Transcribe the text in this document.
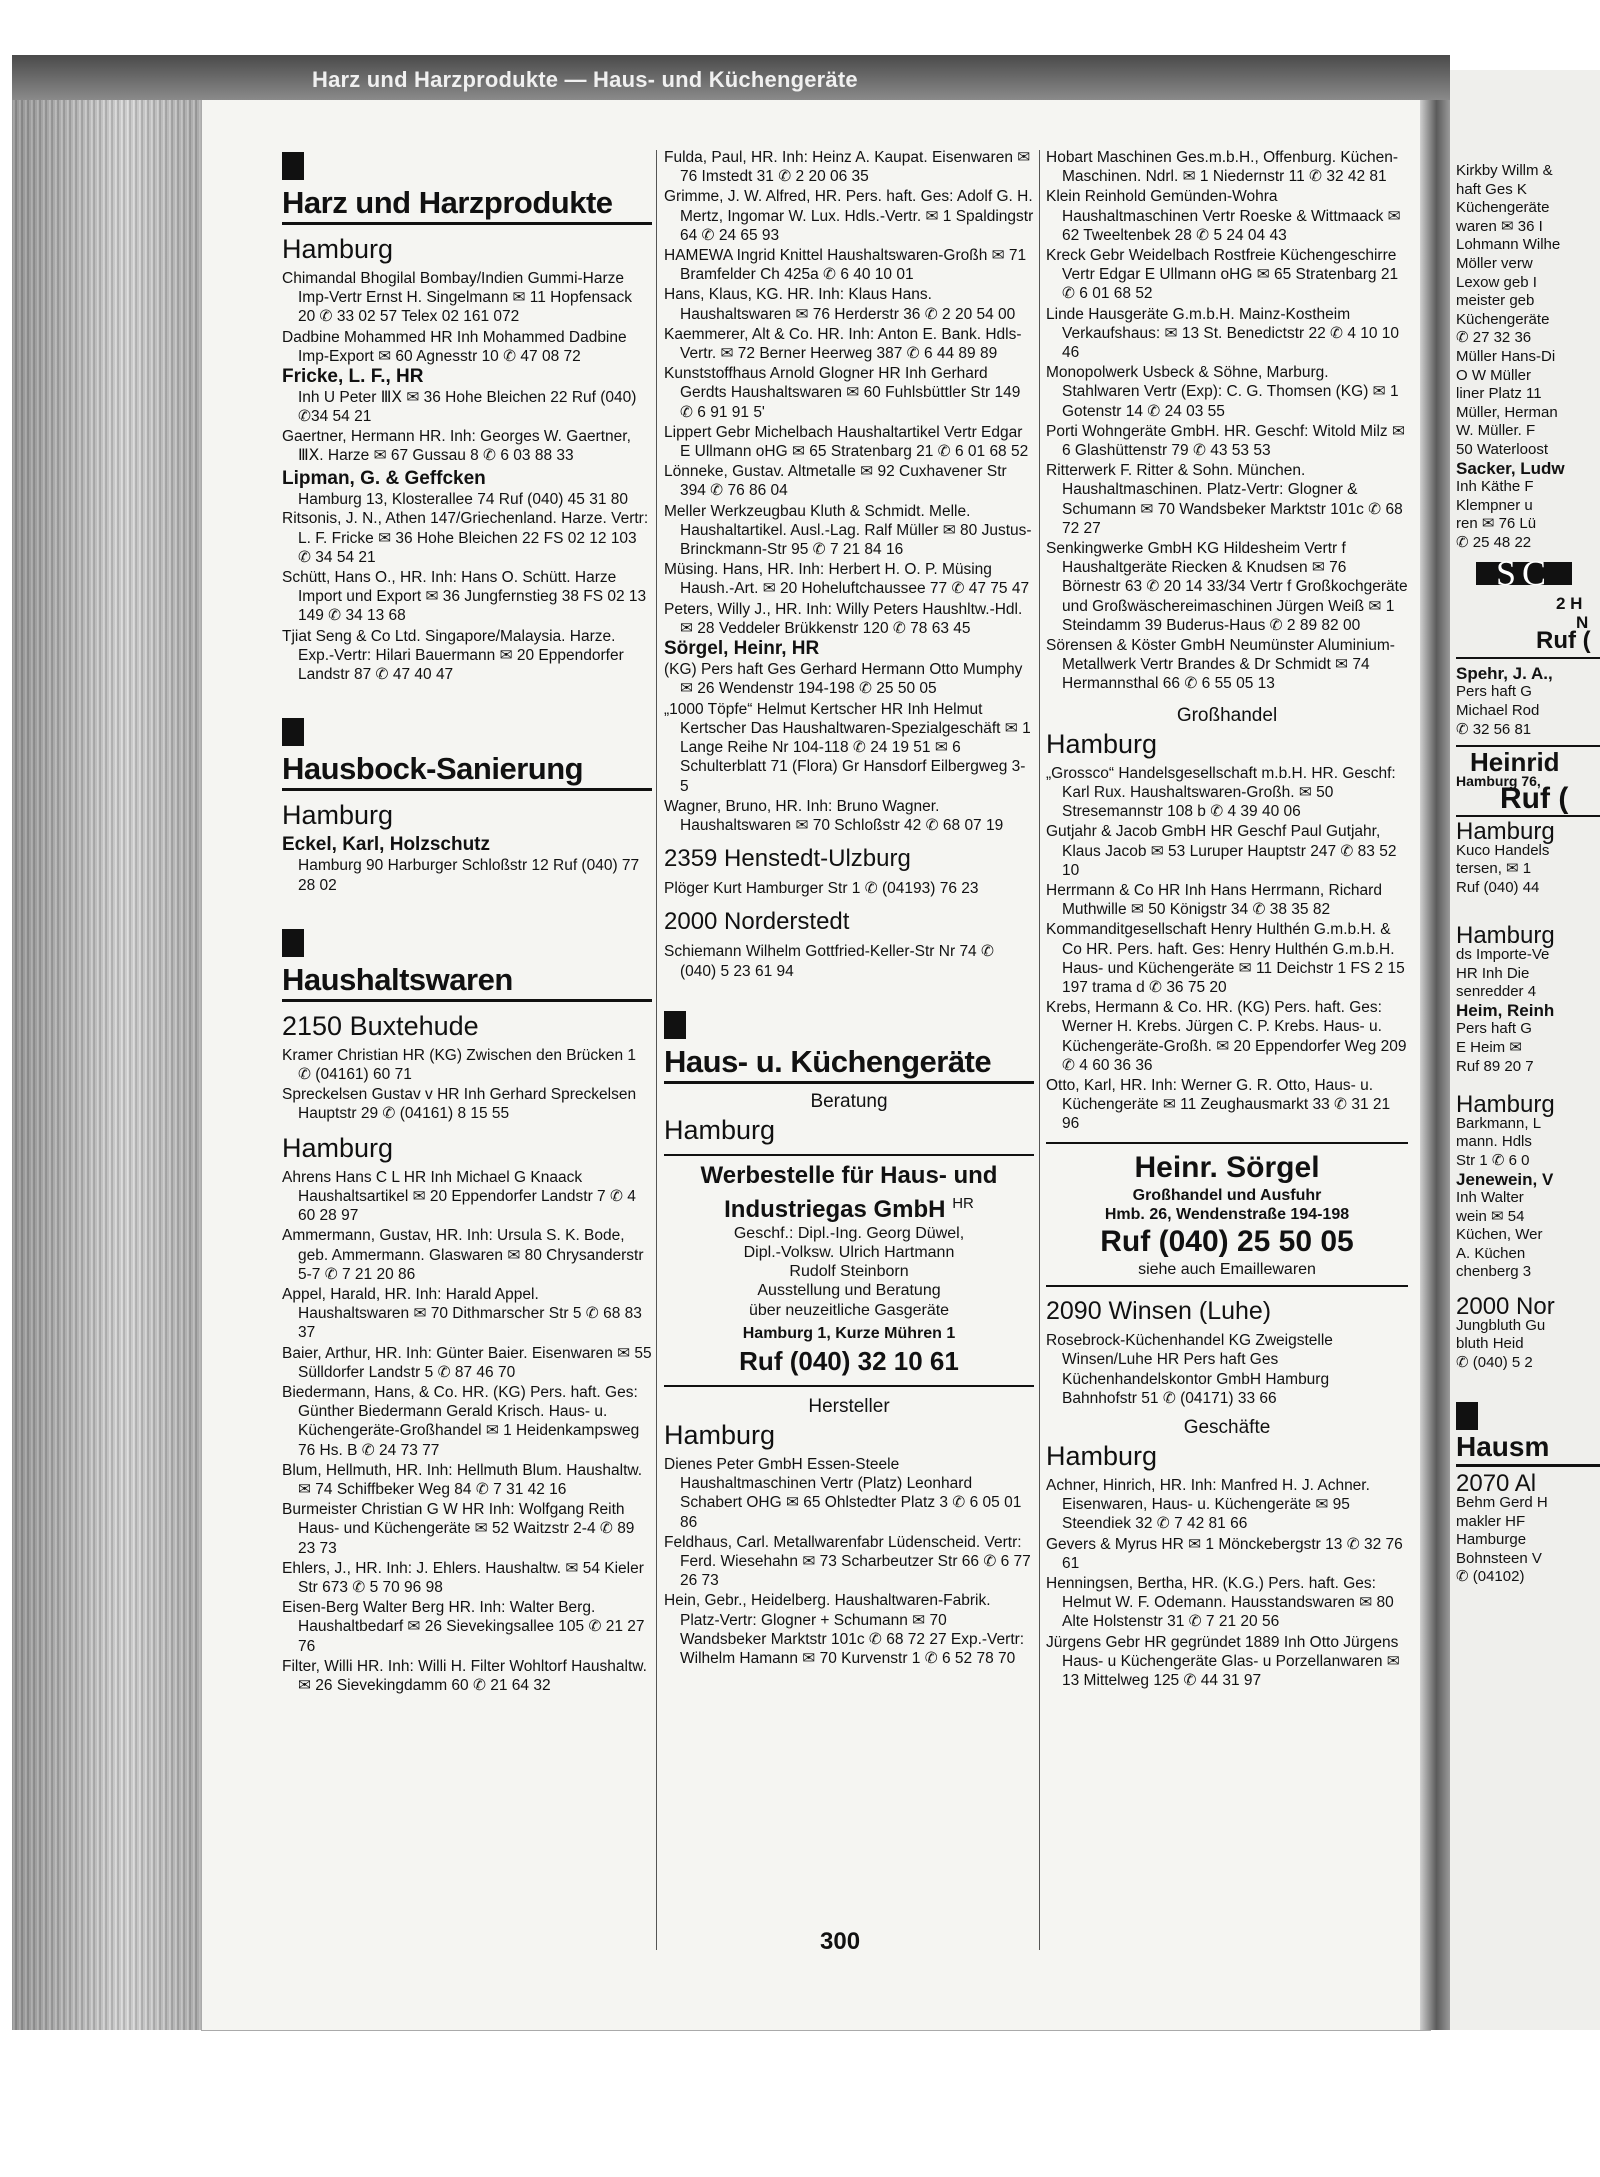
Harz und Harzprodukte — Haus- und Küchengeräte
Harz und Harzprodukte
Hamburg
Chimandal Bhogilal Bombay/Indien Gummi-Harze Imp-Vertr Ernst H. Singelmann ✉ 11 Hopfensack 20 ✆ 33 02 57 Telex 02 161 072
Dadbine Mohammed HR Inh Mohammed Dadbine Imp-Export ✉ 60 Agnesstr 10 ✆ 47 08 72
Fricke, L. F., HR
Inh U Peter ⅢⅩ ✉ 36 Hohe Bleichen 22 Ruf (040) ✆34 54 21
Gaertner, Hermann HR. Inh: Georges W. Gaertner, ⅢⅩ. Harze ✉ 67 Gussau 8 ✆ 6 03 88 33
Lipman, G. & Geffcken
Hamburg 13, Klosterallee 74 Ruf (040) 45 31 80
Ritsonis, J. N., Athen 147/Griechenland. Harze. Vertr: L. F. Fricke ✉ 36 Hohe Bleichen 22 FS 02 12 103 ✆ 34 54 21
Schütt, Hans O., HR. Inh: Hans O. Schütt. Harze Import und Export ✉ 36 Jungfernstieg 38 FS 02 13 149 ✆ 34 13 68
Tjiat Seng & Co Ltd. Singapore/Malaysia. Harze. Exp.-Vertr: Hilari Bauermann ✉ 20 Eppendorfer Landstr 87 ✆ 47 40 47
Hausbock-Sanierung
Hamburg
Eckel, Karl, Holzschutz
Hamburg 90 Harburger Schloßstr 12 Ruf (040) 77 28 02
Haushaltswaren
2150 Buxtehude
Kramer Christian HR (KG) Zwischen den Brücken 1 ✆ (04161) 60 71
Spreckelsen Gustav v HR Inh Gerhard Spreckelsen Hauptstr 29 ✆ (04161) 8 15 55
Hamburg
Ahrens Hans C L HR Inh Michael G Knaack Haushaltsartikel ✉ 20 Eppendorfer Landstr 7 ✆ 4 60 28 97
Ammermann, Gustav, HR. Inh: Ursula S. K. Bode, geb. Ammermann. Glaswaren ✉ 80 Chrysanderstr 5-7 ✆ 7 21 20 86
Appel, Harald, HR. Inh: Harald Appel. Haushaltswaren ✉ 70 Dithmarscher Str 5 ✆ 68 83 37
Baier, Arthur, HR. Inh: Günter Baier. Eisenwaren ✉ 55 Sülldorfer Landstr 5 ✆ 87 46 70
Biedermann, Hans, & Co. HR. (KG) Pers. haft. Ges: Günther Biedermann Gerald Krisch. Haus- u. Küchengeräte-Großhandel ✉ 1 Heidenkampsweg 76 Hs. B ✆ 24 73 77
Blum, Hellmuth, HR. Inh: Hellmuth Blum. Haushaltw. ✉ 74 Schiffbeker Weg 84 ✆ 7 31 42 16
Burmeister Christian G W HR Inh: Wolfgang Reith Haus- und Küchengeräte ✉ 52 Waitzstr 2-4 ✆ 89 23 73
Ehlers, J., HR. Inh: J. Ehlers. Haushaltw. ✉ 54 Kieler Str 673 ✆ 5 70 96 98
Eisen-Berg Walter Berg HR. Inh: Walter Berg. Haushaltbedarf ✉ 26 Sievekingsallee 105 ✆ 21 27 76
Filter, Willi HR. Inh: Willi H. Filter Wohltorf Haushaltw. ✉ 26 Sievekingdamm 60 ✆ 21 64 32
Fulda, Paul, HR. Inh: Heinz A. Kaupat. Eisenwaren ✉ 76 Imstedt 31 ✆ 2 20 06 35
Grimme, J. W. Alfred, HR. Pers. haft. Ges: Adolf G. H. Mertz, Ingomar W. Lux. Hdls.-Vertr. ✉ 1 Spaldingstr 64 ✆ 24 65 93
HAMEWA Ingrid Knittel Haushaltswaren-Großh ✉ 71 Bramfelder Ch 425a ✆ 6 40 10 01
Hans, Klaus, KG. HR. Inh: Klaus Hans. Haushaltswaren ✉ 76 Herderstr 36 ✆ 2 20 54 00
Kaemmerer, Alt & Co. HR. Inh: Anton E. Bank. Hdls-Vertr. ✉ 72 Berner Heerweg 387 ✆ 6 44 89 89
Kunststoffhaus Arnold Glogner HR Inh Gerhard Gerdts Haushaltswaren ✉ 60 Fuhlsbüttler Str 149 ✆ 6 91 91 5'
Lippert Gebr Michelbach Haushaltartikel Vertr Edgar E Ullmann oHG ✉ 65 Stratenbarg 21 ✆ 6 01 68 52
Lönneke, Gustav. Altmetalle ✉ 92 Cuxhavener Str 394 ✆ 76 86 04
Meller Werkzeugbau Kluth & Schmidt. Melle. Haushaltartikel. Ausl.-Lag. Ralf Müller ✉ 80 Justus-Brinckmann-Str 95 ✆ 7 21 84 16
Müsing. Hans, HR. Inh: Herbert H. O. P. Müsing Haush.-Art. ✉ 20 Hoheluftchaussee 77 ✆ 47 75 47
Peters, Willy J., HR. Inh: Willy Peters Haushltw.-Hdl. ✉ 28 Veddeler Brükkenstr 120 ✆ 78 63 45
Sörgel, Heinr, HR
(KG) Pers haft Ges Gerhard Hermann Otto Mumphy ✉ 26 Wendenstr 194-198 ✆ 25 50 05
„1000 Töpfe“ Helmut Kertscher HR Inh Helmut Kertscher Das Haushaltwaren-Spezialgeschäft ✉ 1 Lange Reihe Nr 104-118 ✆ 24 19 51 ✉ 6 Schulterblatt 71 (Flora) Gr Hansdorf Eilbergweg 3-5
Wagner, Bruno, HR. Inh: Bruno Wagner. Haushaltswaren ✉ 70 Schloßstr 42 ✆ 68 07 19
2359 Henstedt-Ulzburg
Plöger Kurt Hamburger Str 1 ✆ (04193) 76 23
2000 Norderstedt
Schiemann Wilhelm Gottfried-Keller-Str Nr 74 ✆ (040) 5 23 61 94
Haus- u. Küchengeräte
Beratung
Hamburg
Werbestelle für Haus- und Industriegas GmbH $^{HR}$
Geschf.: Dipl.-Ing. Georg Düwel,
Dipl.-Volksw. Ulrich Hartmann
Rudolf Steinborn
Ausstellung und Beratung
über neuzeitliche Gasgeräte
Hamburg 1, Kurze Mühren 1
Ruf (040) 32 10 61
Hersteller
Hamburg
Dienes Peter GmbH Essen-Steele Haushaltmaschinen Vertr (Platz) Leonhard Schabert OHG ✉ 65 Ohlstedter Platz 3 ✆ 6 05 01 86
Feldhaus, Carl. Metallwarenfabr Lüdenscheid. Vertr: Ferd. Wiesehahn ✉ 73 Scharbeutzer Str 66 ✆ 6 77 26 73
Hein, Gebr., Heidelberg. Haushaltwaren-Fabrik. Platz-Vertr: Glogner + Schumann ✉ 70 Wandsbeker Marktstr 101c ✆ 68 72 27 Exp.-Vertr: Wilhelm Hamann ✉ 70 Kurvenstr 1 ✆ 6 52 78 70
Hobart Maschinen Ges.m.b.H., Offenburg. Küchen-Maschinen. Ndrl. ✉ 1 Niedernstr 11 ✆ 32 42 81
Klein Reinhold Gemünden-Wohra Haushaltmaschinen Vertr Roeske & Wittmaack ✉ 62 Tweeltenbek 28 ✆ 5 24 04 43
Kreck Gebr Weidelbach Rostfreie Küchengeschirre Vertr Edgar E Ullmann oHG ✉ 65 Stratenbarg 21 ✆ 6 01 68 52
Linde Hausgeräte G.m.b.H. Mainz-Kostheim Verkaufshaus: ✉ 13 St. Benedictstr 22 ✆ 4 10 10 46
Monopolwerk Usbeck & Söhne, Marburg. Stahlwaren Vertr (Exp): C. G. Thomsen (KG) ✉ 1 Gotenstr 14 ✆ 24 03 55
Porti Wohngeräte GmbH. HR. Geschf: Witold Milz ✉ 6 Glashüttenstr 79 ✆ 43 53 53
Ritterwerk F. Ritter & Sohn. München. Haushaltmaschinen. Platz-Vertr: Glogner & Schumann ✉ 70 Wandsbeker Marktstr 101c ✆ 68 72 27
Senkingwerke GmbH KG Hildesheim Vertr f Haushaltgeräte Riecken & Knudsen ✉ 76 Börnestr 63 ✆ 20 14 33/34 Vertr f Großkochgeräte und Großwäschereimaschinen Jürgen Weiß ✉ 1 Steindamm 39 Buderus-Haus ✆ 2 89 82 00
Sörensen & Köster GmbH Neumünster Aluminium-Metallwerk Vertr Brandes & Dr Schmidt ✉ 74 Hermannsthal 66 ✆ 6 55 05 13
Großhandel
Hamburg
„Grossco“ Handelsgesellschaft m.b.H. HR. Geschf: Karl Rux. Haushaltswaren-Großh. ✉ 50 Stresemannstr 108 b ✆ 4 39 40 06
Gutjahr & Jacob GmbH HR Geschf Paul Gutjahr, Klaus Jacob ✉ 53 Luruper Hauptstr 247 ✆ 83 52 10
Herrmann & Co HR Inh Hans Herrmann, Richard Muthwille ✉ 50 Königstr 34 ✆ 38 35 82
Kommanditgesellschaft Henry Hulthén G.m.b.H. & Co HR. Pers. haft. Ges: Henry Hulthén G.m.b.H. Haus- und Küchengeräte ✉ 11 Deichstr 1 FS 2 15 197 trama d ✆ 36 75 20
Krebs, Hermann & Co. HR. (KG) Pers. haft. Ges: Werner H. Krebs. Jürgen C. P. Krebs. Haus- u. Küchengeräte-Großh. ✉ 20 Eppendorfer Weg 209 ✆ 4 60 36 36
Otto, Karl, HR. Inh: Werner G. R. Otto, Haus- u. Küchengeräte ✉ 11 Zeughausmarkt 33 ✆ 31 21 96
Heinr. Sörgel
Großhandel und Ausfuhr
Hmb. 26, Wendenstraße 194-198
Ruf (040) 25 50 05
siehe auch Emaillewaren
2090 Winsen (Luhe)
Rosebrock-Küchenhandel KG Zweigstelle Winsen/Luhe HR Pers haft Ges Küchenhandelskontor GmbH Hamburg Bahnhofstr 51 ✆ (04171) 33 66
Geschäfte
Hamburg
Achner, Hinrich, HR. Inh: Manfred H. J. Achner. Eisenwaren, Haus- u. Küchengeräte ✉ 95 Steendiek 32 ✆ 7 42 81 66
Gevers & Myrus HR ✉ 1 Mönckebergstr 13 ✆ 32 76 61
Henningsen, Bertha, HR. (K.G.) Pers. haft. Ges: Helmut W. F. Odemann. Hausstandswaren ✉ 80 Alte Holstenstr 31 ✆ 7 21 20 56
Jürgens Gebr HR gegründet 1889 Inh Otto Jürgens Haus- u Küchengeräte Glas- u Porzellanwaren ✉ 13 Mittelweg 125 ✆ 44 31 97
300
Kirkby Willm &
haft Ges K
Küchengeräte
waren ✉ 36 I
Lohmann Wilhe
Möller verw
Lexow geb I
meister geb
Küchengeräte
✆ 27 32 36
Müller Hans-Di
O W Müller
liner Platz 11
Müller, Herman
W. Müller. F
50 Waterloost
Sacker, Ludw
Inh Käthe F
Klempner u
ren ✉ 76 Lü
✆ 25 48 22
SC
2 H
N
Ruf (
Spehr, J. A.,
Pers haft G
Michael Rod
✆ 32 56 81
Heinrid
Hamburg 76,
Ruf (
Hamburg
Kuco Handels
tersen, ✉ 1
Ruf (040) 44
Hamburg
ds Importe-Ve
HR Inh Die
senredder 4
Heim, Reinh
Pers haft G
E Heim ✉
Ruf 89 20 7
Hamburg
Barkmann, L
mann. Hdls
Str 1 ✆ 6 0
Jenewein, V
Inh Walter
wein ✉ 54
Küchen, Wer
A. Küchen
chenberg 3
2000 Nor
Jungbluth Gu
bluth Heid
✆ (040) 5 2
Hausm
2070 Al
Behm Gerd H
makler HF
Hamburge
Bohnsteen V
✆ (04102)
